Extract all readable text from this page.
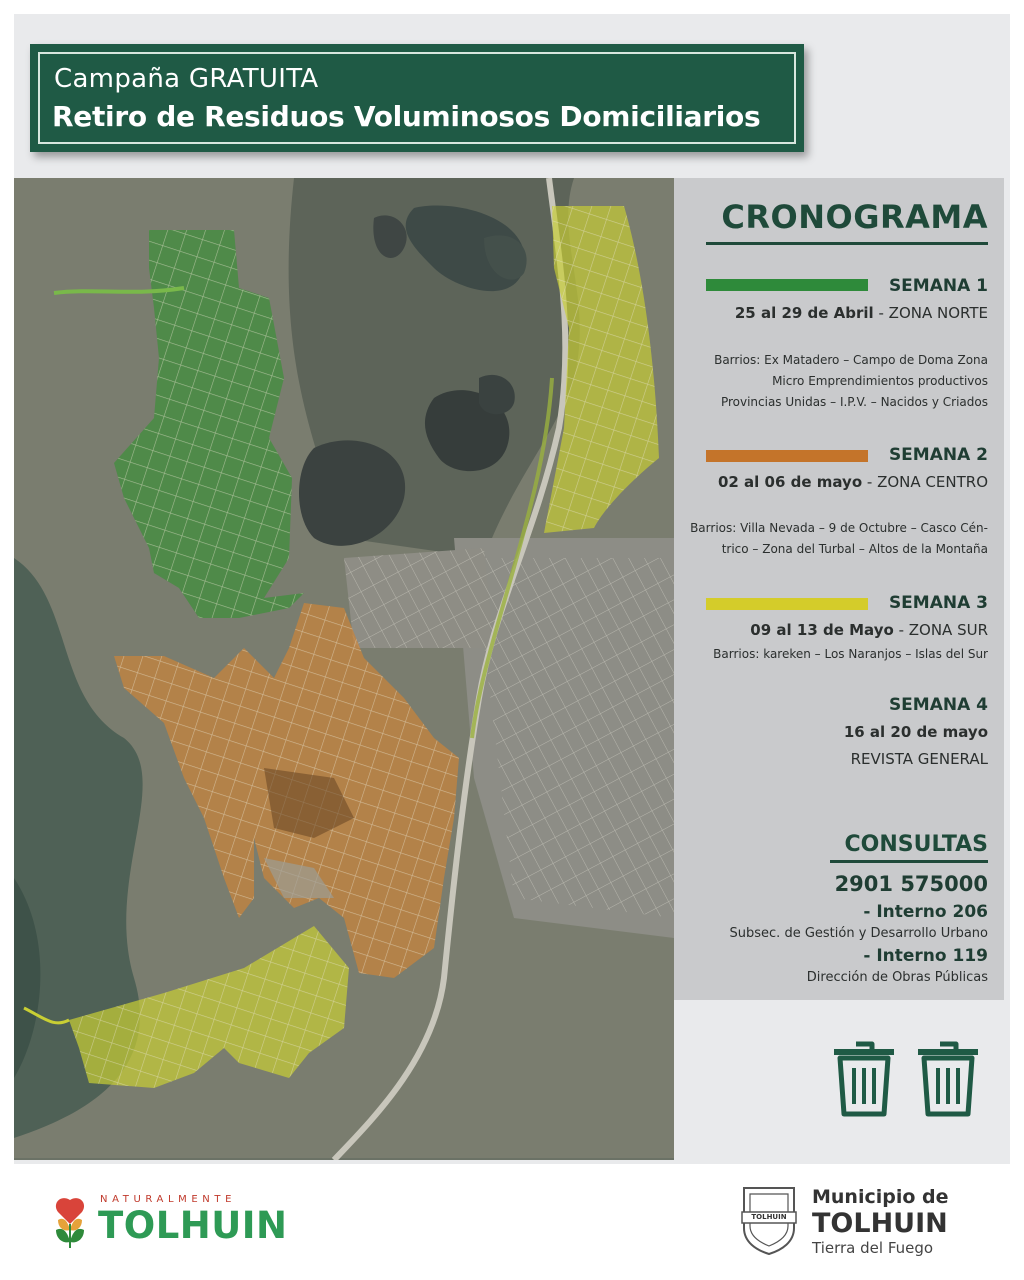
Campaña GRATUITA
Retiro de Residuos Voluminosos Domiciliarios
CRONOGRAMA
SEMANA 1
25 al 29 de Abril - ZONA NORTE
Barrios: Ex Matadero – Campo de Doma Zona
Micro Emprendimientos productivos
Provincias Unidas – I.P.V. – Nacidos y Criados
SEMANA 2
02 al 06 de mayo - ZONA CENTRO
Barrios: Villa Nevada – 9 de Octubre – Casco Cén-
trico – Zona del Turbal – Altos de la Montaña
SEMANA 3
09 al 13 de Mayo - ZONA SUR
Barrios: kareken – Los Naranjos – Islas del Sur
SEMANA 4
16 al 20 de mayo
REVISTA GENERAL
CONSULTAS
2901 575000
- Interno 206
Subsec. de Gestión y Desarrollo Urbano
- Interno 119
Dirección de Obras Públicas
NATURALMENTE
TOLHUIN	TOLHUIN
Municipio de
TOLHUIN
Tierra del Fuego
